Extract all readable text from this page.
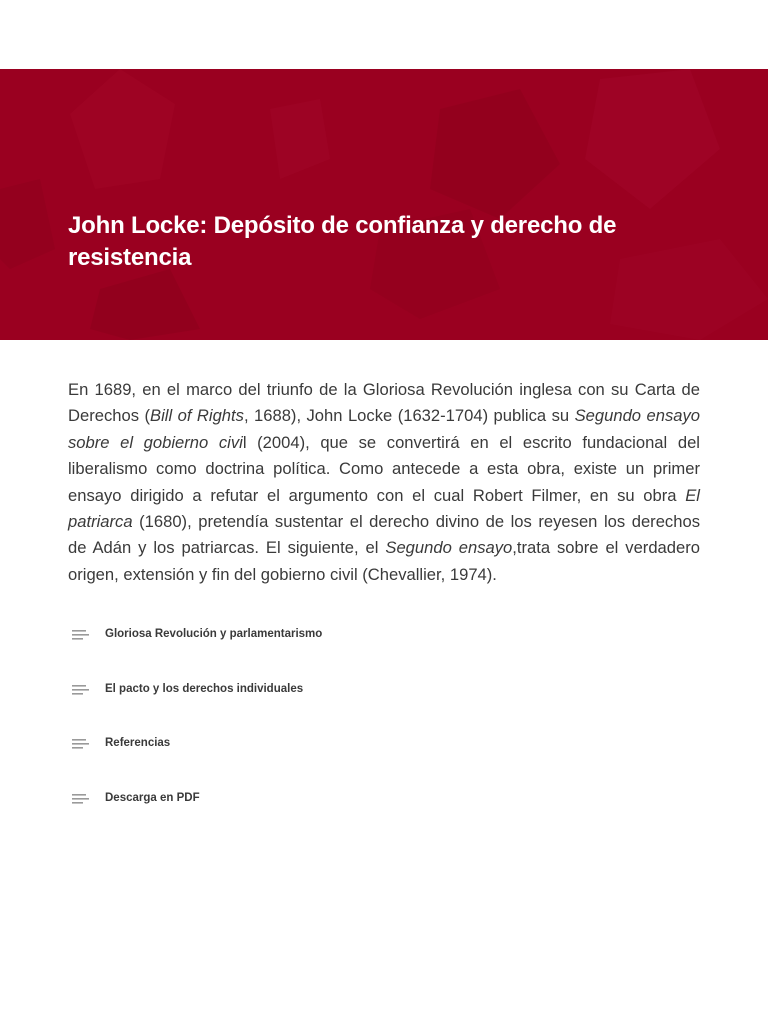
John Locke: Depósito de confianza y derecho de resistencia

En 1689, en el marco del triunfo de la Gloriosa Revolución inglesa con su Carta de Derechos (Bill of Rights, 1688), John Locke (1632-1704) publica su Segundo ensayo sobre el gobierno civil (2004), que se convertirá en el escrito fundacional del liberalismo como doctrina política. Como antecede a esta obra, existe un primer ensayo dirigido a refutar el argumento con el cual Robert Filmer, en su obra El patriarca (1680), pretendía sustentar el derecho divino de los reyesen los derechos de Adán y los patriarcas. El siguiente, el Segundo ensayo,trata sobre el verdadero origen, extensión y fin del gobierno civil (Chevallier, 1974).

Gloriosa Revolución y parlamentarismo
El pacto y los derechos individuales
Referencias
Descarga en PDF
